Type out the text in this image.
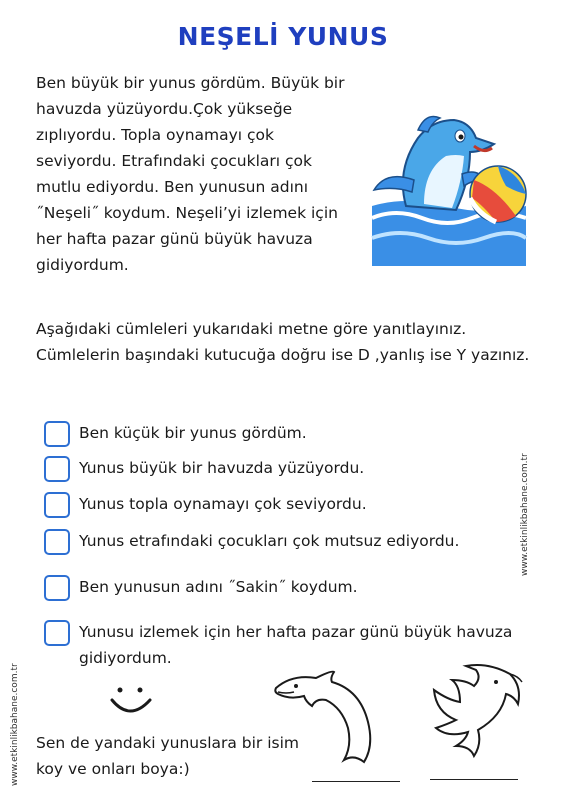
NEŞELİ YUNUS

Ben büyük bir yunus gördüm. Büyük bir havuzda yüzüyordu.Çok yükseğe zıplıyordu. Topla oynamayı çok seviyordu. Etrafındaki çocukları çok mutlu ediyordu. Ben yunusun adını ˝Neşeli˝ koydum. Neşeli’yi izlemek için her hafta pazar günü büyük havuza gidiyordum.

Aşağıdaki cümleleri yukarıdaki metne göre yanıtlayınız. Cümlelerin başındaki kutucuğa doğru ise D ,yanlış ise Y yazınız.

Ben küçük bir yunus gördüm.
Yunus büyük bir havuzda yüzüyordu.
Yunus topla oynamayı çok seviyordu.
Yunus etrafındaki çocukları çok mutsuz ediyordu.
Ben yunusun adını ˝Sakin˝ koydum.
Yunusu izlemek için her hafta pazar günü büyük havuza gidiyordum.
www.etkinlikbahane.com.tr
www.etkinlikbahane.com.tr Sen de yandaki yunuslara bir isim koy ve onları boya:)
